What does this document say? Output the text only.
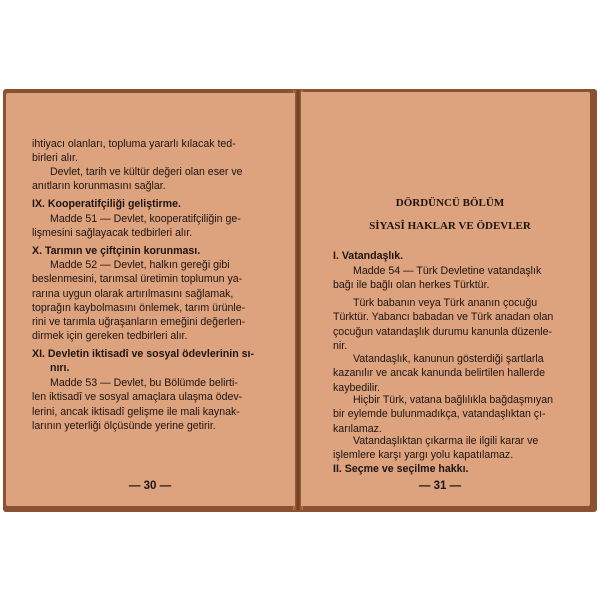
ihtiyacı olanları, topluma yararlı kılacak ted-
birleri alır.
Devlet, tarih ve kültür değeri olan eser ve
anıtların korunmasını sağlar.
IX. Kooperatifçiliği geliştirme.
Madde 51 — Devlet, kooperatifçiliğin ge-
lişmesini sağlayacak tedbirleri alır.
X. Tarımın ve çiftçinin korunması.
Madde 52 — Devlet, halkın gereği gibi
beslenmesini, tarımsal üretimin toplumun ya-
rarına uygun olarak artırılmasını sağlamak,
toprağın kaybolmasını önlemek, tarım ürünle-
rini ve tarımla uğraşanların emeğini değerlen-
dirmek için gereken tedbirleri alır.
XI. Devletin iktisadî ve sosyal ödevlerinin sı-
nırı.
Madde 53 — Devlet, bu Bölümde belirti-
len iktisadî ve sosyal amaçlara ulaşma ödev-
lerini, ancak iktisadî gelişme ile mali kaynak-
larının yeterliği ölçüsünde yerine getirir.
— 30 —
DÖRDÜNCÜ BÖLÜM
SİYASÎ HAKLAR VE ÖDEVLER
I. Vatandaşlık.
Madde 54 — Türk Devletine vatandaşlık
bağı ile bağlı olan herkes Türktür.
Türk babanın veya Türk ananın çocuğu
Türktür. Yabancı babadan ve Türk anadan olan
çocuğun vatandaşlık durumu kanunla düzenle-
nir.
Vatandaşlık, kanunun gösterdiği şartlarla
kazanılır ve ancak kanunda belirtilen hallerde
kaybedilir.
Hiçbir Türk, vatana bağlılıkla bağdaşmıyan
bir eylemde bulunmadıkça, vatandaşlıktan çı-
karılamaz.
Vatandaşlıktan çıkarma ile ilgili karar ve
işlemlere karşı yargı yolu kapatılamaz.
II. Seçme ve seçilme hakkı.
— 31 —
